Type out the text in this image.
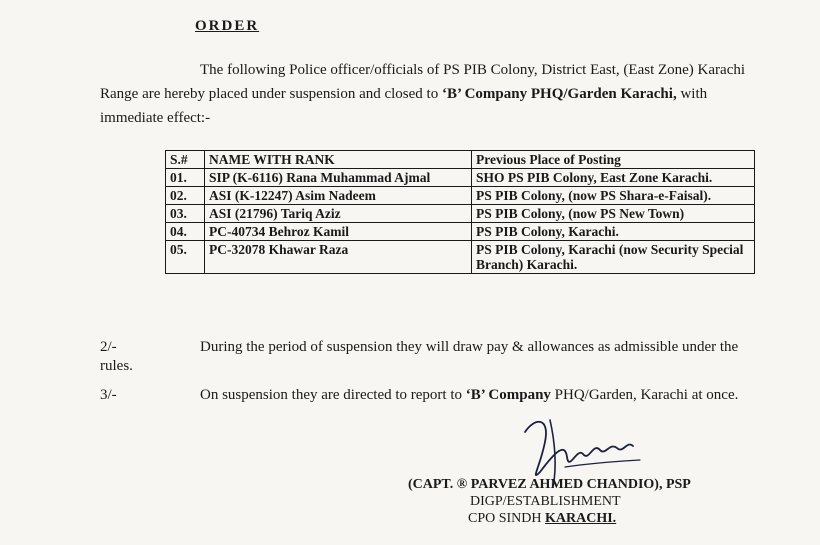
ORDER
The following Police officer/officials of PS PIB Colony, District East, (East Zone) Karachi Range are hereby placed under suspension and closed to ‘B’ Company PHQ/Garden Karachi, with immediate effect:-
S.#	NAME WITH RANK	Previous Place of Posting
01.	SIP (K-6116) Rana Muhammad Ajmal	SHO PS PIB Colony, East Zone Karachi.
02.	ASI (K-12247) Asim Nadeem	PS PIB Colony, (now PS Shara-e-Faisal).
03.	ASI (21796) Tariq Aziz	PS PIB Colony, (now PS New Town)
04.	PC-40734 Behroz Kamil	PS PIB Colony, Karachi.
05.	PC-32078 Khawar Raza	PS PIB Colony, Karachi (now Security Special Branch) Karachi.
2/-	During the period of suspension they will draw pay & allowances as admissible under the rules.
3/-	On suspension they are directed to report to ‘B’ Company PHQ/Garden, Karachi at once.
(CAPT. ® PARVEZ AHMED CHANDIO), PSP
DIGP/ESTABLISHMENT
CPO SINDH KARACHI.
